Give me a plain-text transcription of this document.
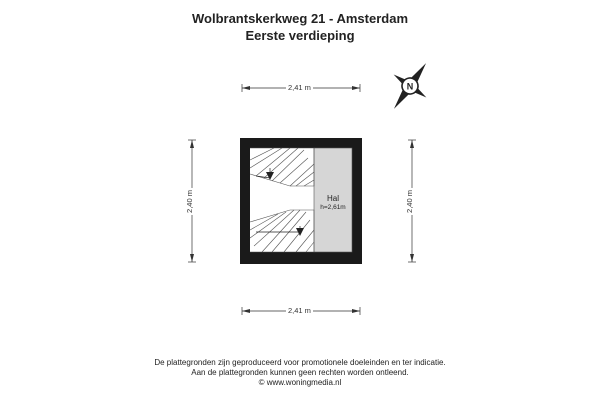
Wolbrantskerkweg 21 - Amsterdam
Eerste verdieping
N
2,41 m
2,41 m
2,40 m	2,40 m
Hal
h=2,61m
De plattegronden zijn geproduceerd voor promotionele doeleinden en ter indicatie.
Aan de plattegronden kunnen geen rechten worden ontleend.
© www.woningmedia.nl
